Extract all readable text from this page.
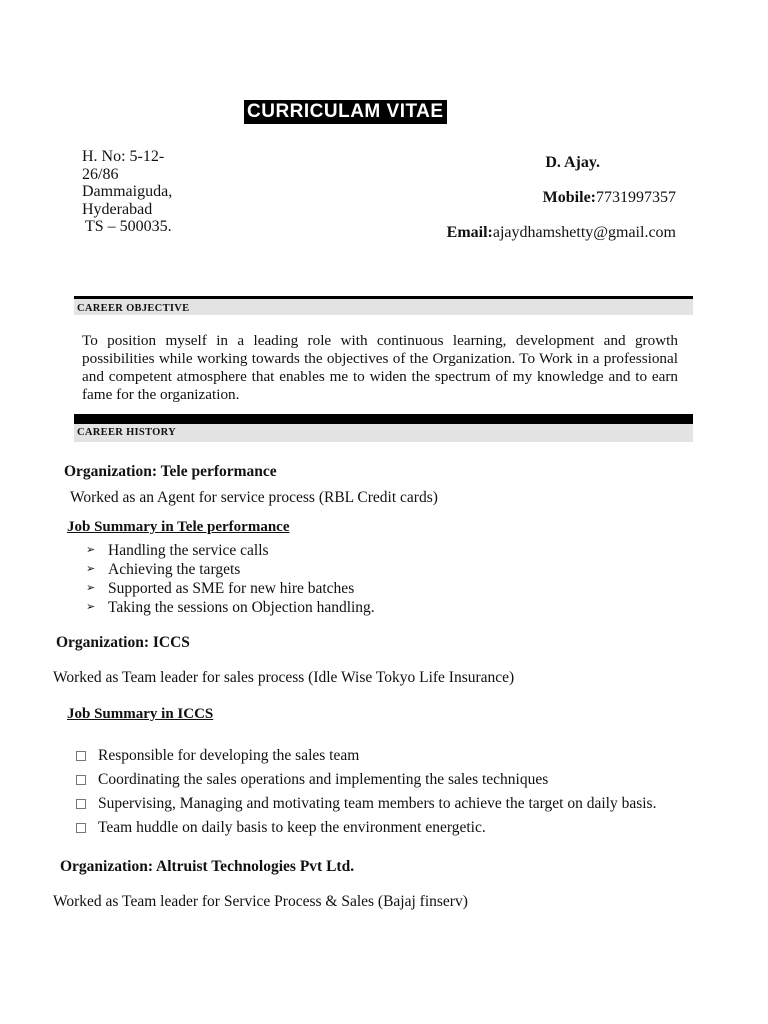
CURRICULAM VITAE
H. No: 5-12-
26/86
Dammaiguda,
Hyderabad
TS – 500035.
D. Ajay.
Mobile:7731997357
Email:ajaydhamshetty@gmail.com
CAREER OBJECTIVE
To position myself in a leading role with continuous learning, development and growth possibilities while working towards the objectives of the Organization. To Work in a professional and competent atmosphere that enables me to widen the spectrum of my knowledge and to earn fame for the organization.
CAREER HISTORY
Organization: Tele performance
Worked as an Agent for service process (RBL Credit cards)
Job Summary in Tele performance
➢ Handling the service calls
➢ Achieving the targets
➢ Supported as SME for new hire batches
➢ Taking the sessions on Objection handling.
Organization: ICCS
Worked as Team leader for sales process (Idle Wise Tokyo Life Insurance)
Job Summary in ICCS
Responsible for developing the sales team
Coordinating the sales operations and implementing the sales techniques
Supervising, Managing and motivating team members to achieve the target on daily basis.
Team huddle on daily basis to keep the environment energetic.
Organization: Altruist Technologies Pvt Ltd.
Worked as Team leader for Service Process & Sales (Bajaj finserv)
